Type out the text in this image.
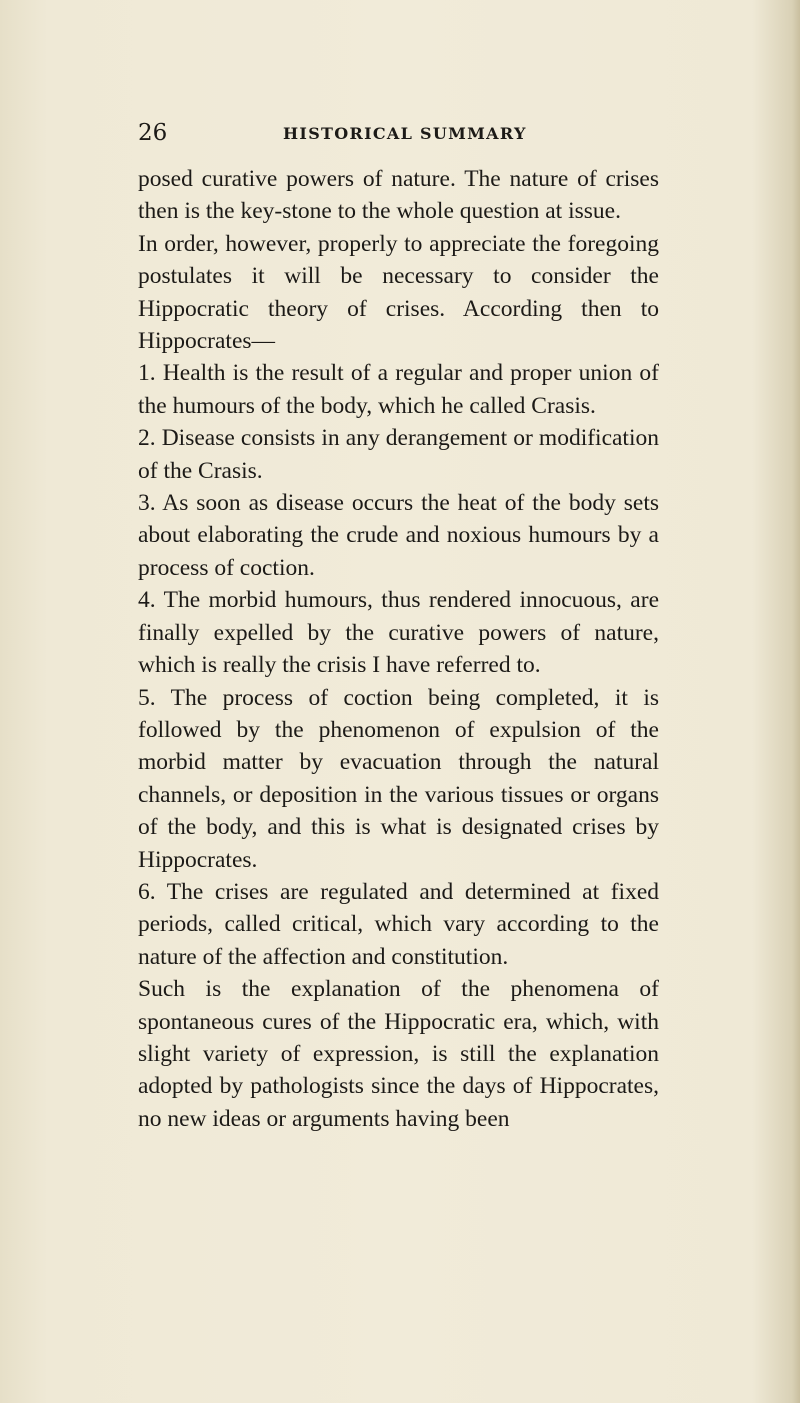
26	HISTORICAL SUMMARY

posed curative powers of nature. The nature of crises then is the key-stone to the whole question at issue.

In order, however, properly to appreciate the foregoing postulates it will be necessary to consider the Hippocratic theory of crises. According then to Hippocrates—

1. Health is the result of a regular and proper union of the humours of the body, which he called Crasis.

2. Disease consists in any derangement or modification of the Crasis.

3. As soon as disease occurs the heat of the body sets about elaborating the crude and noxious humours by a process of coction.

4. The morbid humours, thus rendered innocuous, are finally expelled by the curative powers of nature, which is really the crisis I have referred to.

5. The process of coction being completed, it is followed by the phenomenon of expulsion of the morbid matter by evacuation through the natural channels, or deposition in the various tissues or organs of the body, and this is what is designated crises by Hippocrates.

6. The crises are regulated and determined at fixed periods, called critical, which vary according to the nature of the affection and constitution.

Such is the explanation of the phenomena of spontaneous cures of the Hippocratic era, which, with slight variety of expression, is still the explanation adopted by pathologists since the days of Hippocrates, no new ideas or arguments having been
